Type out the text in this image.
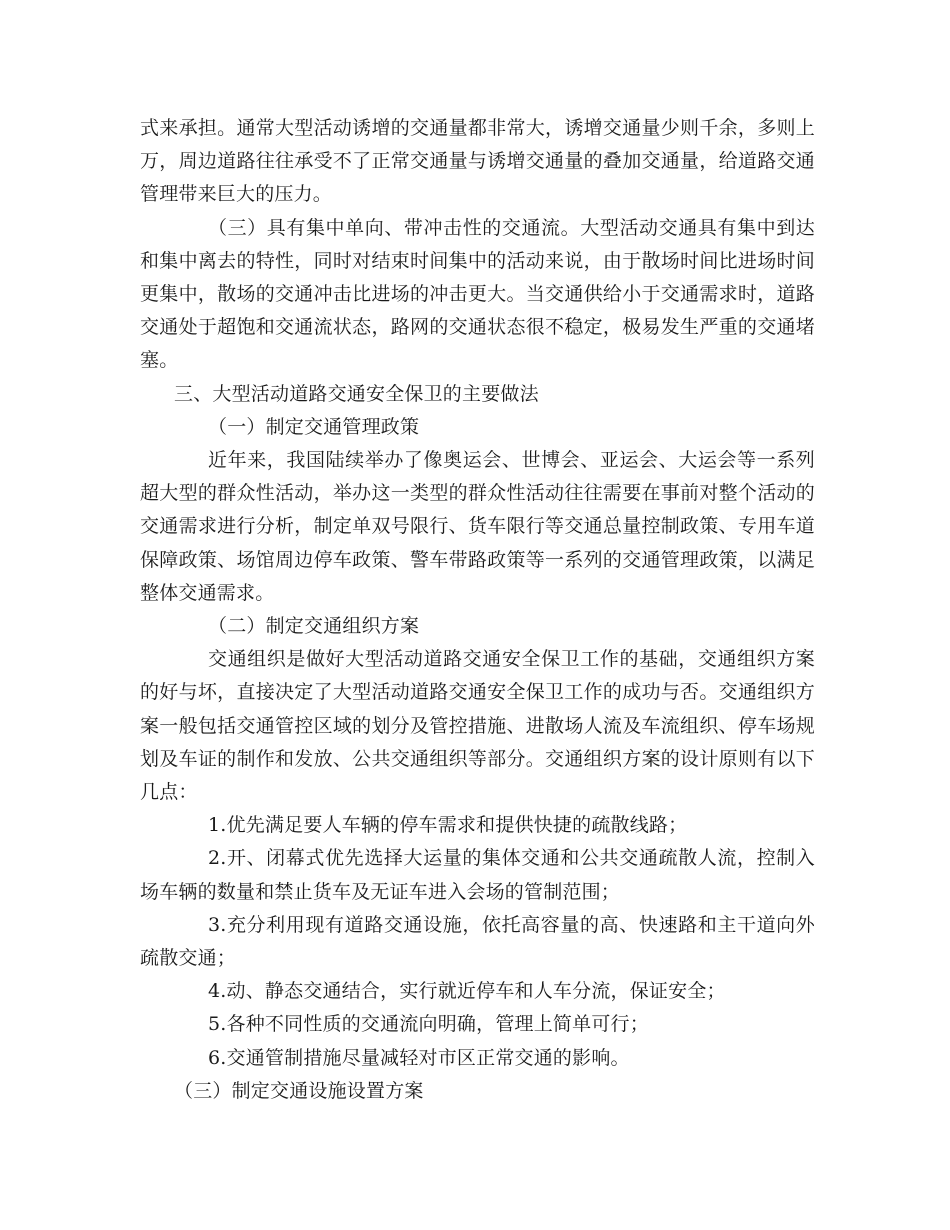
式来承担。通常大型活动诱增的交通量都非常大，诱增交通量少则千余，多则上万，周边道路往往承受不了正常交通量与诱增交通量的叠加交通量，给道路交通管理带来巨大的压力。

（三）具有集中单向、带冲击性的交通流。大型活动交通具有集中到达和集中离去的特性，同时对结束时间集中的活动来说，由于散场时间比进场时间更集中，散场的交通冲击比进场的冲击更大。当交通供给小于交通需求时，道路交通处于超饱和交通流状态，路网的交通状态很不稳定，极易发生严重的交通堵塞。

三、大型活动道路交通安全保卫的主要做法

（一）制定交通管理政策

近年来，我国陆续举办了像奥运会、世博会、亚运会、大运会等一系列超大型的群众性活动，举办这一类型的群众性活动往往需要在事前对整个活动的交通需求进行分析，制定单双号限行、货车限行等交通总量控制政策、专用车道保障政策、场馆周边停车政策、警车带路政策等一系列的交通管理政策，以满足整体交通需求。

（二）制定交通组织方案

交通组织是做好大型活动道路交通安全保卫工作的基础，交通组织方案的好与坏，直接决定了大型活动道路交通安全保卫工作的成功与否。交通组织方案一般包括交通管控区域的划分及管控措施、进散场人流及车流组织、停车场规划及车证的制作和发放、公共交通组织等部分。交通组织方案的设计原则有以下几点：

1.优先满足要人车辆的停车需求和提供快捷的疏散线路；

2.开、闭幕式优先选择大运量的集体交通和公共交通疏散人流，控制入场车辆的数量和禁止货车及无证车进入会场的管制范围；

3.充分利用现有道路交通设施，依托高容量的高、快速路和主干道向外疏散交通；

4.动、静态交通结合，实行就近停车和人车分流，保证安全；

5.各种不同性质的交通流向明确，管理上简单可行；

6.交通管制措施尽量减轻对市区正常交通的影响。

（三）制定交通设施设置方案
